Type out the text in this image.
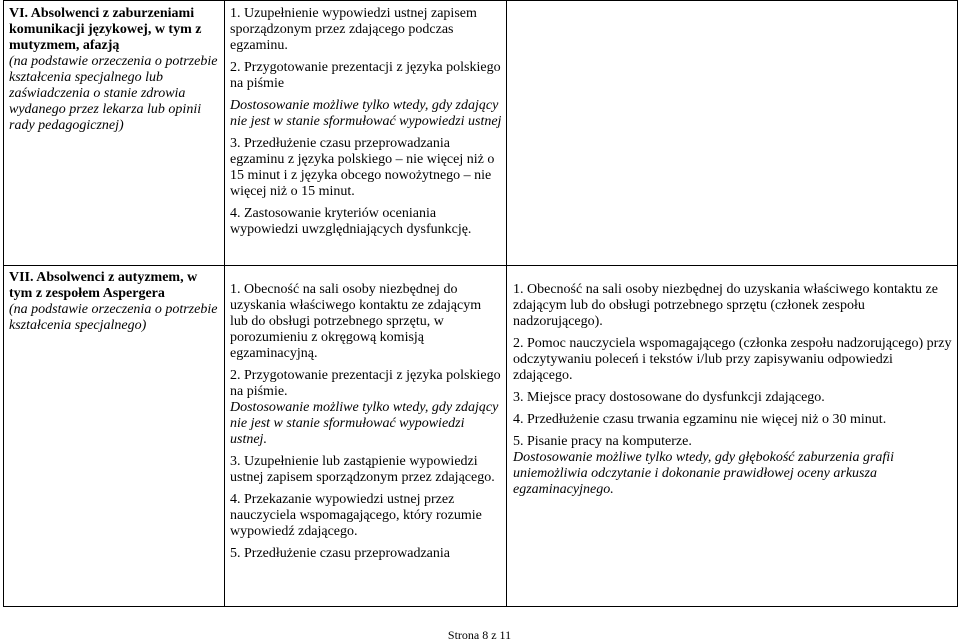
VI. Absolwenci z zaburzeniami komunikacji językowej, w tym z mutyzmem, afazją

(na podstawie orzeczenia o potrzebie kształcenia specjalnego lub zaświadczenia o stanie zdrowia wydanego przez lekarza lub opinii rady pedagogicznej)

1. Uzupełnienie wypowiedzi ustnej zapisem sporządzonym przez zdającego podczas egzaminu.

2. Przygotowanie prezentacji z języka polskiego na piśmie

Dostosowanie możliwe tylko wtedy, gdy zdający nie jest w stanie sformułować wypowiedzi ustnej

3. Przedłużenie czasu przeprowadzania egzaminu z języka polskiego – nie więcej niż o 15 minut i z języka obcego nowożytnego – nie więcej niż o 15 minut.

4. Zastosowanie kryteriów oceniania wypowiedzi uwzględniających dysfunkcję.

VII. Absolwenci z autyzmem, w tym z zespołem Aspergera

(na podstawie orzeczenia o potrzebie kształcenia specjalnego)

1. Obecność na sali osoby niezbędnej do uzyskania właściwego kontaktu ze zdającym lub do obsługi potrzebnego sprzętu, w porozumieniu z okręgową komisją egzaminacyjną.

2. Przygotowanie prezentacji z języka polskiego na piśmie.

Dostosowanie możliwe tylko wtedy, gdy zdający nie jest w stanie sformułować wypowiedzi ustnej.

3. Uzupełnienie lub zastąpienie wypowiedzi ustnej zapisem sporządzonym przez zdającego.

4. Przekazanie wypowiedzi ustnej przez nauczyciela wspomagającego, który rozumie wypowiedź zdającego.

5. Przedłużenie czasu przeprowadzania

1. Obecność na sali osoby niezbędnej do uzyskania właściwego kontaktu ze zdającym lub do obsługi potrzebnego sprzętu (członek zespołu nadzorującego).

2. Pomoc nauczyciela wspomagającego (członka zespołu nadzorującego) przy odczytywaniu poleceń i tekstów i/lub przy zapisywaniu odpowiedzi zdającego.

3. Miejsce pracy dostosowane do dysfunkcji zdającego.

4. Przedłużenie czasu trwania egzaminu nie więcej niż o 30 minut.

5. Pisanie pracy na komputerze.

Dostosowanie możliwe tylko wtedy, gdy głębokość zaburzenia grafii uniemożliwia odczytanie i dokonanie prawidłowej oceny arkusza egzaminacyjnego.

Strona 8 z 11
